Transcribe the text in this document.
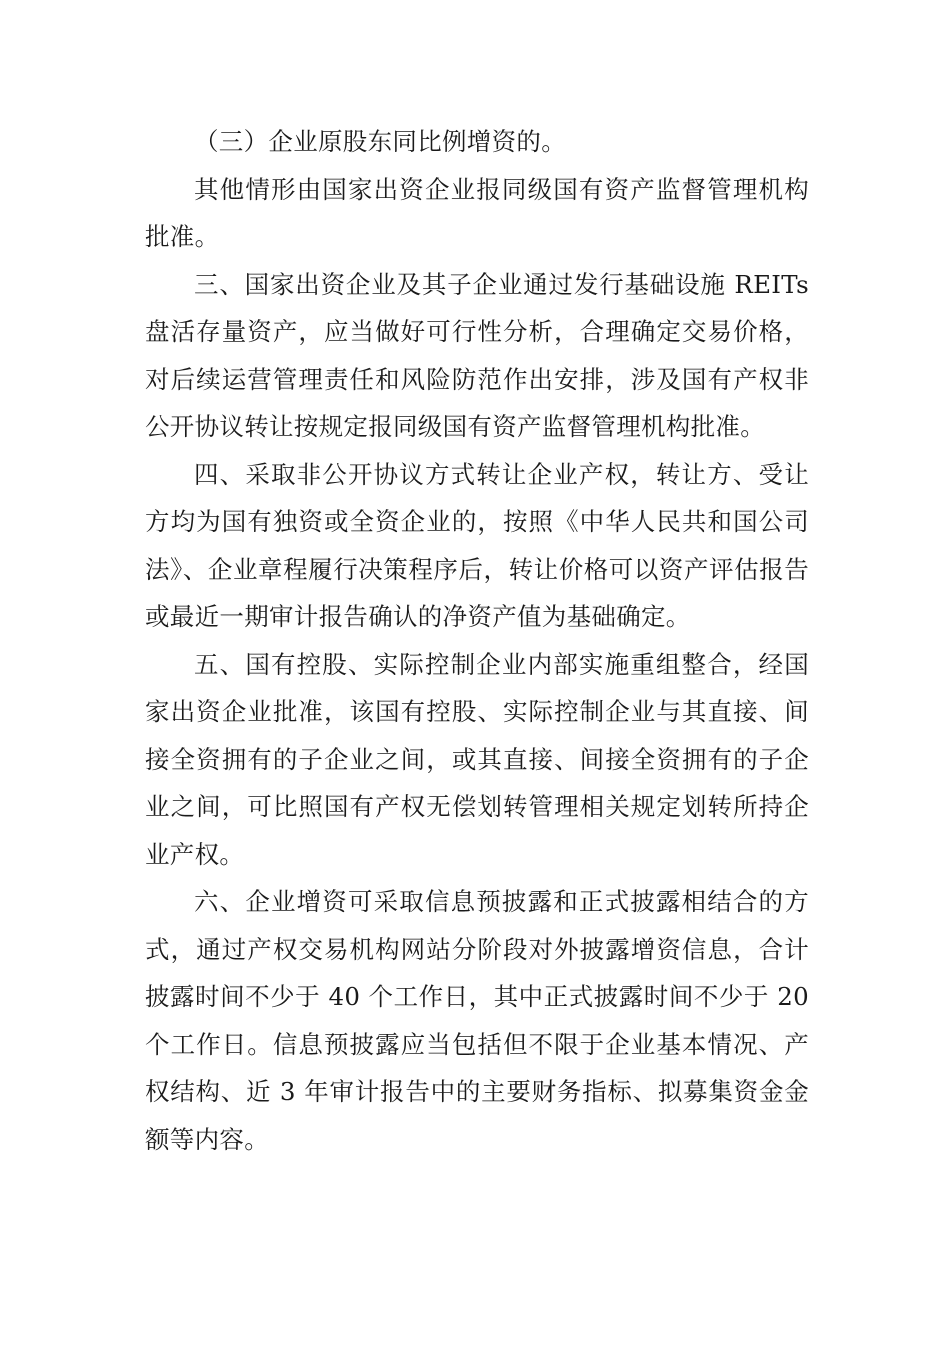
（三）企业原股东同比例增资的。

其他情形由国家出资企业报同级国有资产监督管理机构批准。

三、国家出资企业及其子企业通过发行基础设施 REITs 盘活存量资产，应当做好可行性分析，合理确定交易价格，对后续运营管理责任和风险防范作出安排，涉及国有产权非公开协议转让按规定报同级国有资产监督管理机构批准。

四、采取非公开协议方式转让企业产权，转让方、受让方均为国有独资或全资企业的，按照《中华人民共和国公司法》、企业章程履行决策程序后，转让价格可以资产评估报告或最近一期审计报告确认的净资产值为基础确定。

五、国有控股、实际控制企业内部实施重组整合，经国家出资企业批准，该国有控股、实际控制企业与其直接、间接全资拥有的子企业之间，或其直接、间接全资拥有的子企业之间，可比照国有产权无偿划转管理相关规定划转所持企业产权。

六、企业增资可采取信息预披露和正式披露相结合的方式，通过产权交易机构网站分阶段对外披露增资信息，合计披露时间不少于 40 个工作日，其中正式披露时间不少于 20 个工作日。信息预披露应当包括但不限于企业基本情况、产权结构、近 3 年审计报告中的主要财务指标、拟募集资金金额等内容。
